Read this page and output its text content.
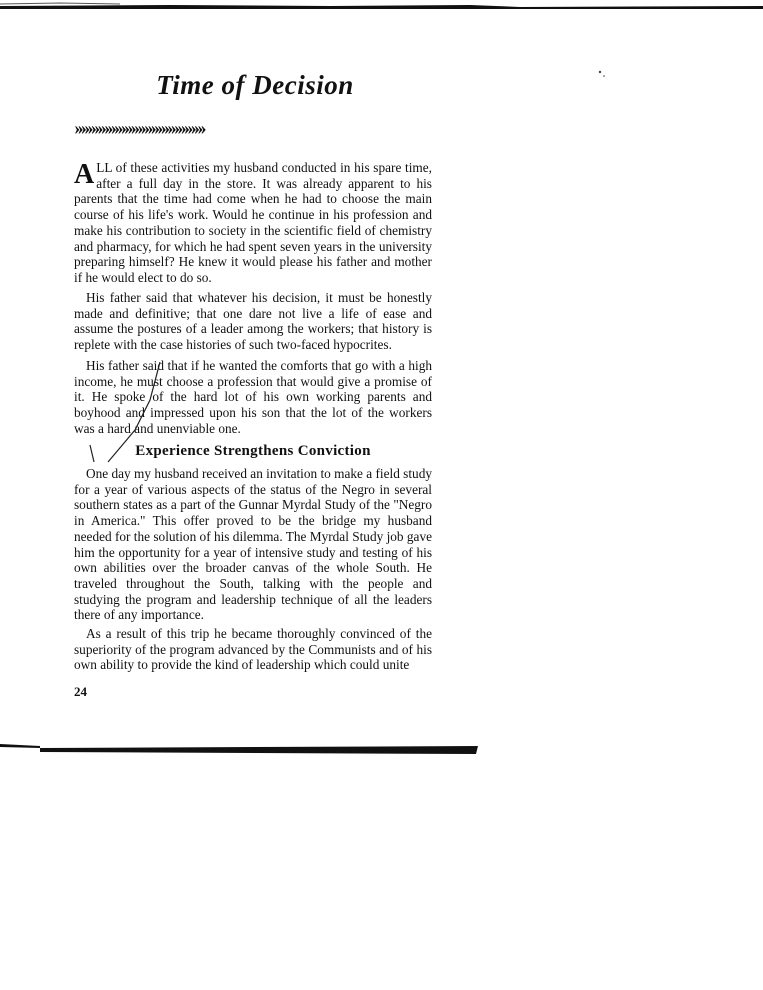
Time of Decision
›››››››››››››››››››››››››››››››››››››››

ALL of these activities my husband conducted in his spare time, after a full day in the store. It was already apparent to his parents that the time had come when he had to choose the main course of his life's work. Would he continue in his profession and make his contribution to society in the scientific field of chemistry and pharmacy, for which he had spent seven years in the university preparing himself? He knew it would please his father and mother if he would elect to do so.

His father said that whatever his decision, it must be honestly made and definitive; that one dare not live a life of ease and assume the postures of a leader among the workers; that history is replete with the case histories of such two-faced hypocrites.

His father said that if he wanted the comforts that go with a high income, he must choose a profession that would give a promise of it. He spoke of the hard lot of his own working parents and boyhood and impressed upon his son that the lot of the workers was a hard and unenviable one.

Experience Strengthens Conviction

One day my husband received an invitation to make a field study for a year of various aspects of the status of the Negro in several southern states as a part of the Gunnar Myrdal Study of the "Negro in America." This offer proved to be the bridge my husband needed for the solution of his dilemma. The Myrdal Study job gave him the opportunity for a year of intensive study and testing of his own abilities over the broader canvas of the whole South. He traveled throughout the South, talking with the people and studying the program and leadership technique of all the leaders there of any importance.

As a result of this trip he became thoroughly convinced of the superiority of the program advanced by the Communists and of his own ability to provide the kind of leadership which could unite

24
